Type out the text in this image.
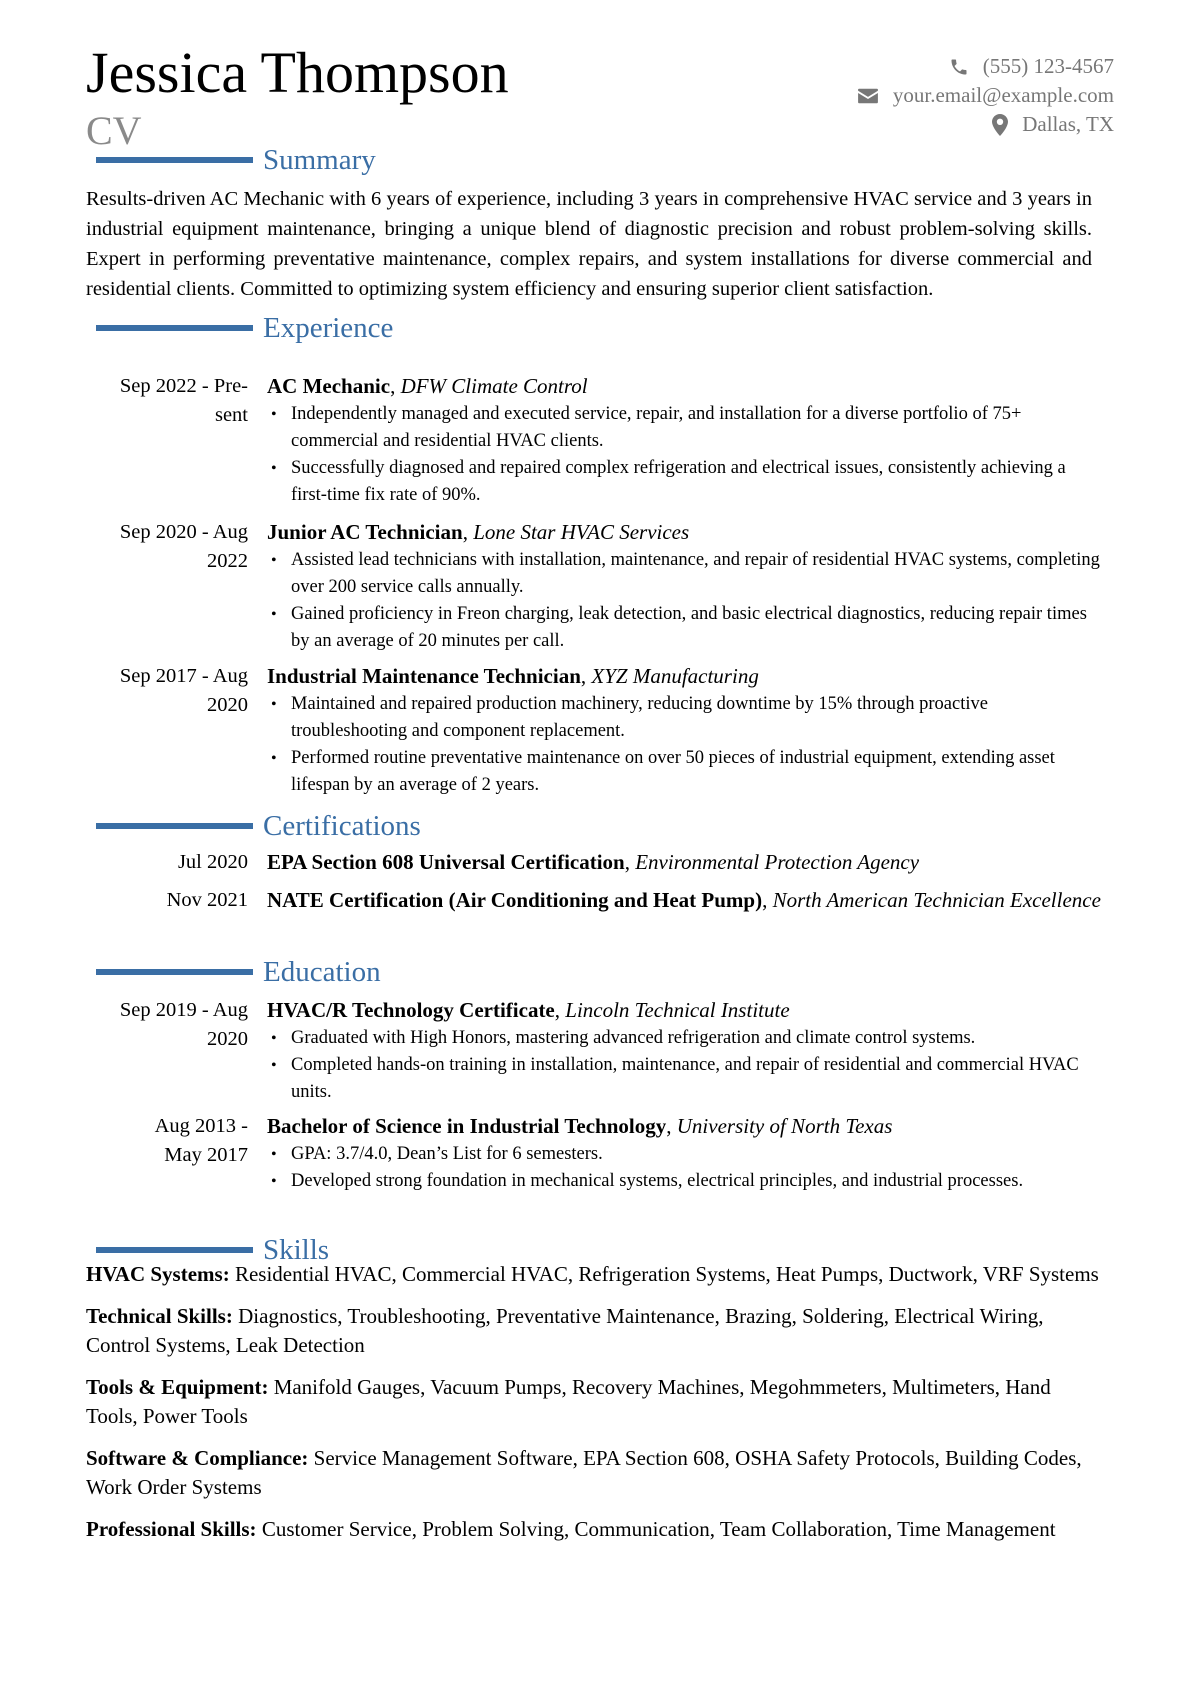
Jessica Thompson
CV
(555) 123-4567
your.email@example.com
Dallas, TX
Summary

Results-driven AC Mechanic with 6 years of experience, including 3 years in comprehensive HVAC service and 3 years in industrial equipment maintenance, bringing a unique blend of diagnostic precision and robust problem-solving skills. Expert in performing preventative maintenance, complex repairs, and system installations for diverse commercial and residential clients. Committed to optimizing system efficiency and ensuring superior client satisfaction.

Experience
Sep 2022 - Pre-
sent
AC Mechanic, DFW Climate Control
• Independently managed and executed service, repair, and installation for a diverse portfolio of 75+ commercial and residential HVAC clients.
• Successfully diagnosed and repaired complex refrigeration and electrical issues, consistently achieving a first-time fix rate of 90%.
Sep 2020 - Aug
2022
Junior AC Technician, Lone Star HVAC Services
• Assisted lead technicians with installation, maintenance, and repair of residential HVAC systems, completing over 200 service calls annually.
• Gained proficiency in Freon charging, leak detection, and basic electrical diagnostics, reducing repair times by an average of 20 minutes per call.
Sep 2017 - Aug
2020
Industrial Maintenance Technician, XYZ Manufacturing
• Maintained and repaired production machinery, reducing downtime by 15% through proactive troubleshooting and component replacement.
• Performed routine preventative maintenance on over 50 pieces of industrial equipment, extending asset lifespan by an average of 2 years.
Certifications
Jul 2020 EPA Section 608 Universal Certification, Environmental Protection Agency
Nov 2021 NATE Certification (Air Conditioning and Heat Pump), North American Technician Excellence
Education
Sep 2019 - Aug
2020
HVAC/R Technology Certificate, Lincoln Technical Institute
• Graduated with High Honors, mastering advanced refrigeration and climate control systems.
• Completed hands-on training in installation, maintenance, and repair of residential and commercial HVAC units.
Aug 2013 -
May 2017
Bachelor of Science in Industrial Technology, University of North Texas
• GPA: 3.7/4.0, Dean’s List for 6 semesters.
• Developed strong foundation in mechanical systems, electrical principles, and industrial processes.
Skills

HVAC Systems: Residential HVAC, Commercial HVAC, Refrigeration Systems, Heat Pumps, Ductwork, VRF Systems

Technical Skills: Diagnostics, Troubleshooting, Preventative Maintenance, Brazing, Soldering, Electrical Wiring, Control Systems, Leak Detection

Tools & Equipment: Manifold Gauges, Vacuum Pumps, Recovery Machines, Megohmmeters, Multimeters, Hand Tools, Power Tools

Software & Compliance: Service Management Software, EPA Section 608, OSHA Safety Protocols, Building Codes, Work Order Systems

Professional Skills: Customer Service, Problem Solving, Communication, Team Collaboration, Time Management
